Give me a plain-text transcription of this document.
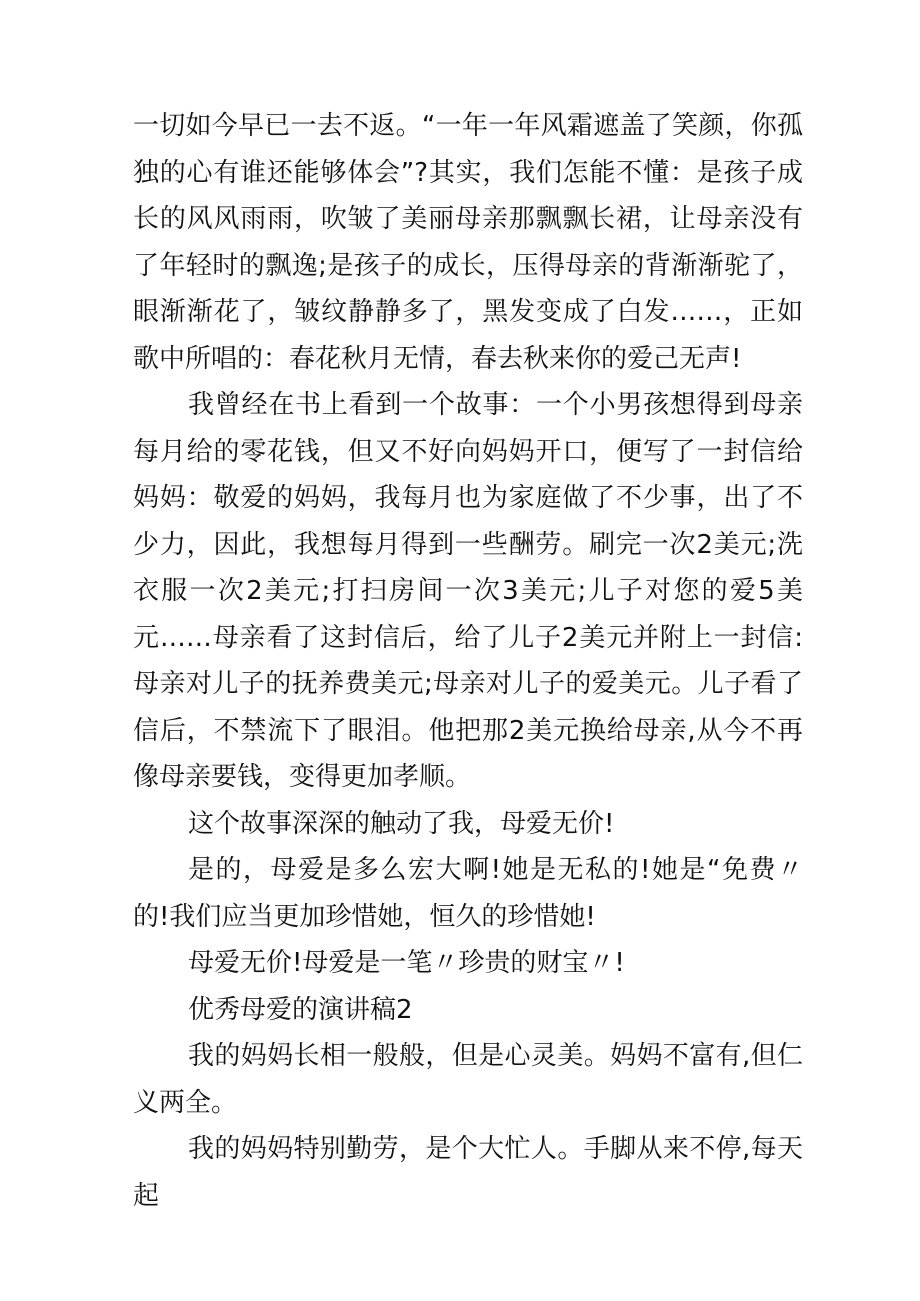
一切如今早已一去不返。“一年一年风霜遮盖了笑颜，你孤独的心有谁还能够体会”?其实，我们怎能不懂：是孩子成长的风风雨雨，吹皱了美丽母亲那飘飘长裙，让母亲没有了年轻时的飘逸;是孩子的成长，压得母亲的背渐渐驼了，眼渐渐花了，皱纹静静多了，黑发变成了白发……，正如歌中所唱的：春花秋月无情，春去秋来你的爱己无声!

我曾经在书上看到一个故事：一个小男孩想得到母亲每月给的零花钱，但又不好向妈妈开口，便写了一封信给妈妈：敬爱的妈妈，我每月也为家庭做了不少事，出了不少力，因此，我想每月得到一些酬劳。刷完一次2美元;洗衣服一次2美元;打扫房间一次3美元;儿子对您的爱5美元……母亲看了这封信后，给了儿子2美元并附上一封信:母亲对儿子的抚养费美元;母亲对儿子的爱美元。儿子看了信后，不禁流下了眼泪。他把那2美元换给母亲,从今不再像母亲要钱，变得更加孝顺。

这个故事深深的触动了我，母爱无价!

是的，母爱是多么宏大啊!她是无私的!她是“免费〃的!我们应当更加珍惜她，恒久的珍惜她!

母爱无价!母爱是一笔〃珍贵的财宝〃!

优秀母爱的演讲稿2

我的妈妈长相一般般，但是心灵美。妈妈不富有,但仁义两全。

我的妈妈特别勤劳，是个大忙人。手脚从来不停,每天起
